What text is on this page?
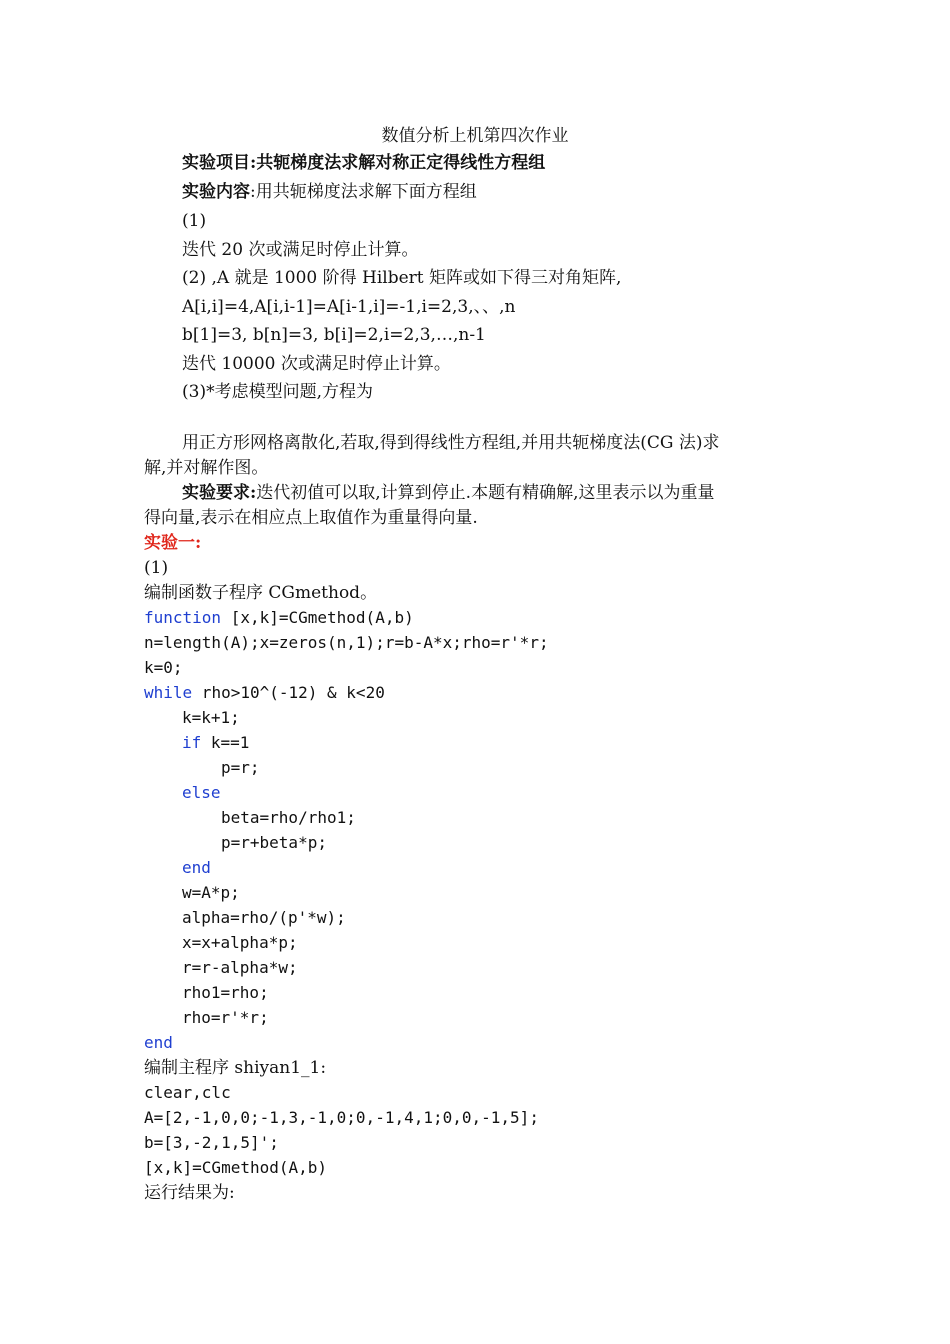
数值分析上机第四次作业
实验项目:共轭梯度法求解对称正定得线性方程组
实验内容:用共轭梯度法求解下面方程组
(1)
迭代 20 次或满足时停止计算。
(2) ,A 就是 1000 阶得 Hilbert 矩阵或如下得三对角矩阵,
A[i,i]=4,A[i,i-1]=A[i-1,i]=-1,i=2,3,、、,n
b[1]=3, b[n]=3, b[i]=2,i=2,3,…,n-1
迭代 10000 次或满足时停止计算。
(3)*考虑模型问题,方程为
用正方形网格离散化,若取,得到得线性方程组,并用共轭梯度法(CG 法)求
解,并对解作图。
实验要求:迭代初值可以取,计算到停止.本题有精确解,这里表示以为重量
得向量,表示在相应点上取值作为重量得向量.
实验一:
(1)
编制函数子程序 CGmethod。
function [x,k]=CGmethod(A,b)
n=length(A);x=zeros(n,1);r=b-A*x;rho=r'*r;
k=0;
while rho>10^(-12) & k<20
k=k+1;
if k==1
p=r;
else
beta=rho/rho1;
p=r+beta*p;
end
w=A*p;
alpha=rho/(p'*w);
x=x+alpha*p;
r=r-alpha*w;
rho1=rho;
rho=r'*r;
end
编制主程序 shiyan1_1:
clear,clc
A=[2,-1,0,0;-1,3,-1,0;0,-1,4,1;0,0,-1,5];
b=[3,-2,1,5]';
[x,k]=CGmethod(A,b)
运行结果为:
